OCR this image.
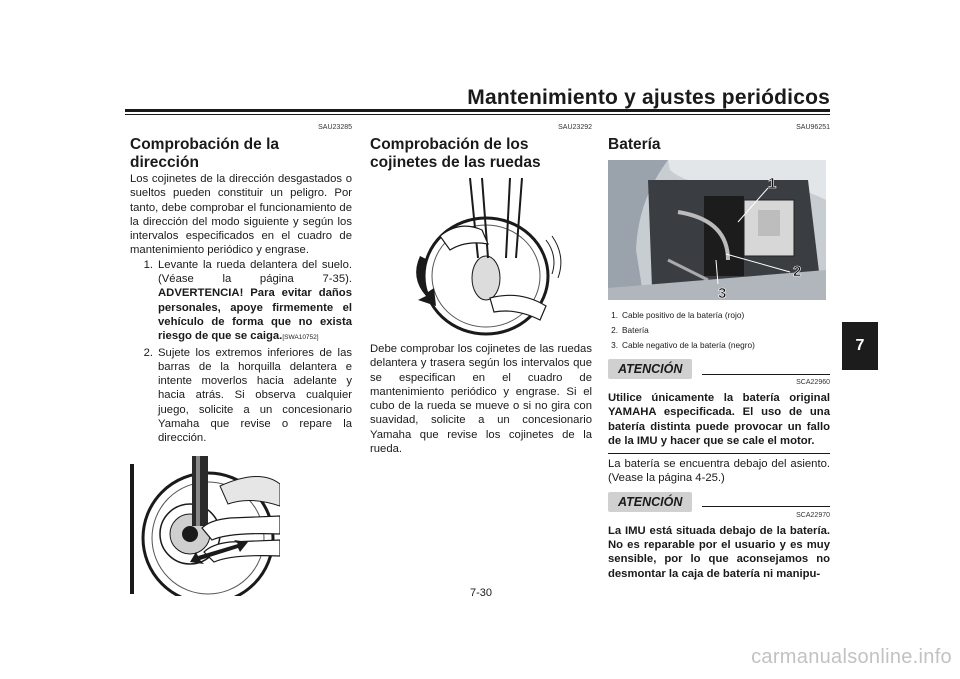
Mantenimiento y ajustes periódicos
7
SAU23285
Comprobación de la dirección

Los cojinetes de la dirección desgastados o sueltos pueden constituir un peligro. Por tanto, debe comprobar el funcionamiento de la dirección del modo siguiente y según los intervalos especificados en el cuadro de mantenimiento periódico y engrase.

1. Levante la rueda delantera del suelo. (Véase la página 7-35). ADVERTENCIA! Para evitar daños personales, apoye firmemente el vehículo de forma que no exista riesgo de que se caiga.[SWA10752]
2. Sujete los extremos inferiores de las barras de la horquilla delantera e intente moverlos hacia adelante y hacia atrás. Si observa cualquier juego, solicite a un concesionario Yamaha que revise o repare la dirección.
SAU23292
Comprobación de los cojinetes de las ruedas

Debe comprobar los cojinetes de las ruedas delantera y trasera según los intervalos que se especifican en el cuadro de mantenimiento periódico y engrase. Si el cubo de la rueda se mueve o si no gira con suavidad, solicite a un concesionario Yamaha que revise los cojinetes de la rueda.

SAU96251
Batería
1
2
3
1. Cable positivo de la batería (rojo)
2. Batería
3. Cable negativo de la batería (negro)
ATENCIÓN
SCA22960
Utilice únicamente la batería original YAMAHA especificada. El uso de una batería distinta puede provocar un fallo de la IMU y hacer que se cale el motor.

La batería se encuentra debajo del asiento. (Vease la página 4-25.)

ATENCIÓN
SCA22970
La IMU está situada debajo de la batería. No es reparable por el usuario y es muy sensible, por lo que aconsejamos no desmontar la caja de batería ni manipu-
7-30
carmanualsonline.info
